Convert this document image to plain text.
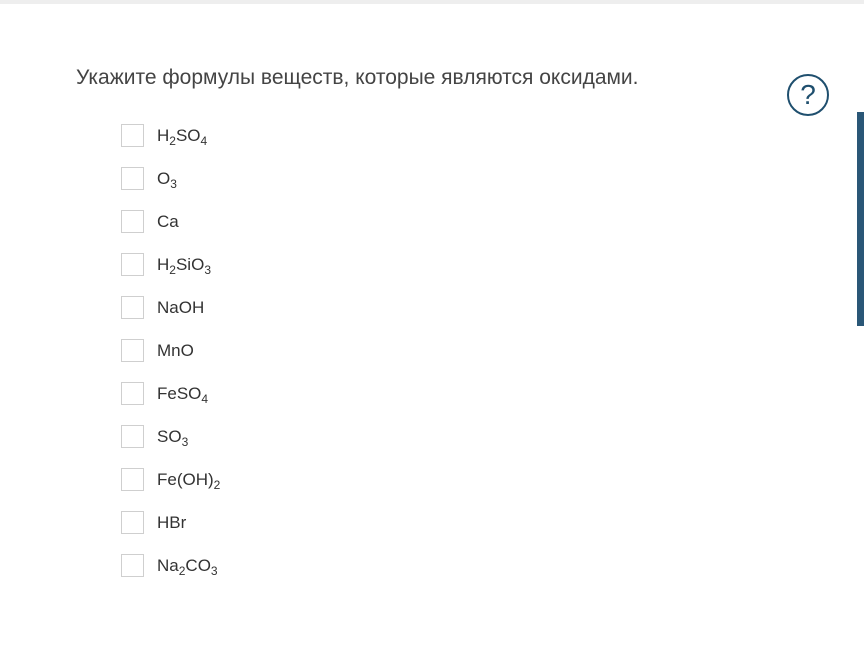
Укажите формулы веществ, которые являются оксидами.
?
$H_2SO_4$
$O_3$
Ca
$H_2SiO_3$
NaOH
MnO
FeSO$_4$
$SO_3$
$Fe(OH)_2$
HBr
$Na_2CO_3$
